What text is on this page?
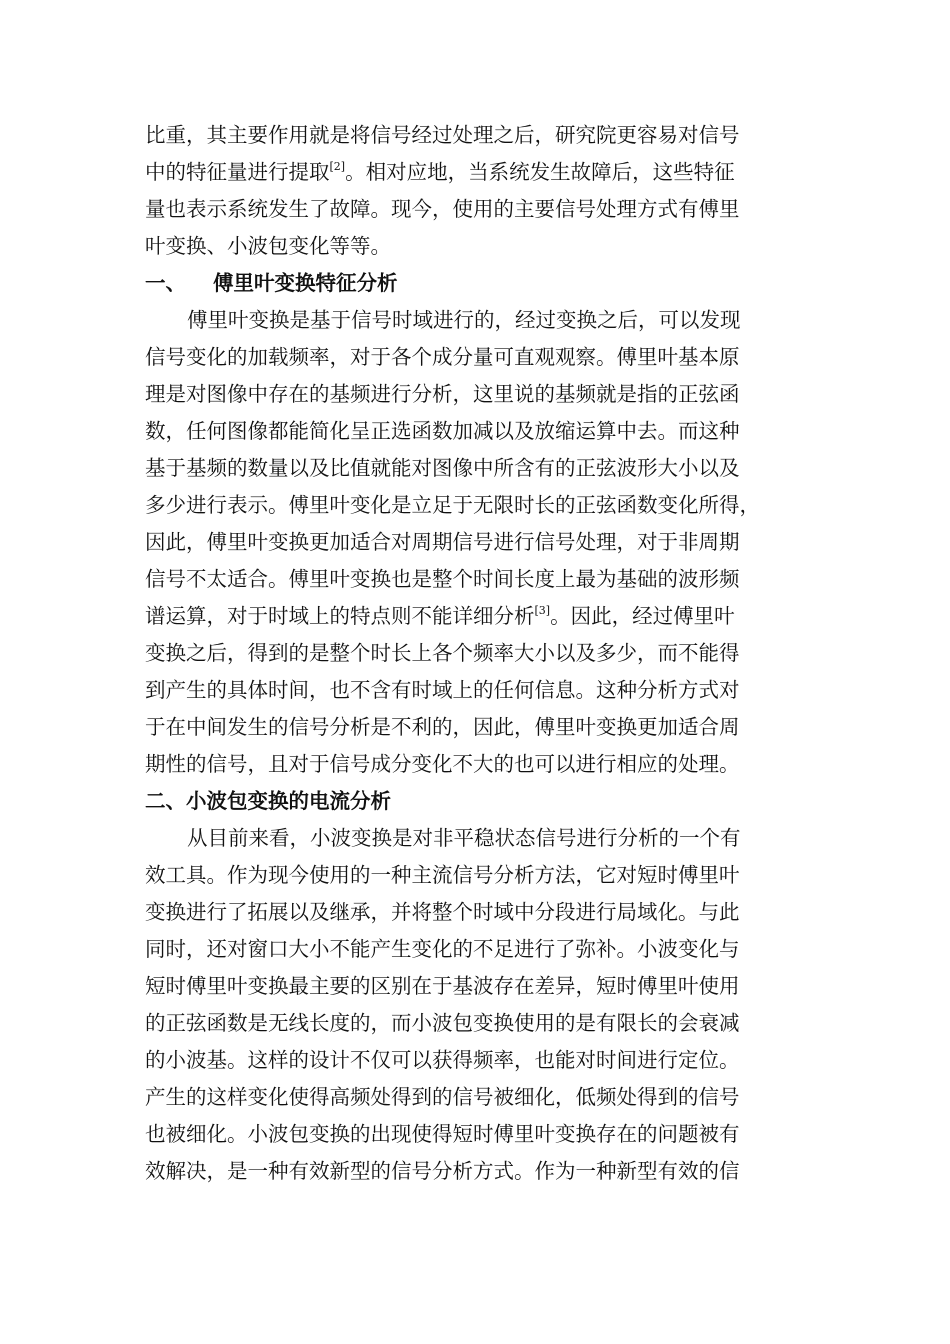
比重，其主要作用就是将信号经过处理之后，研究院更容易对信号
中的特征量进行提取[2]。相对应地，当系统发生故障后，这些特征
量也表示系统发生了故障。现今，使用的主要信号处理方式有傅里
叶变换、小波包变化等等。
一、 傅里叶变换特征分析
傅里叶变换是基于信号时域进行的，经过变换之后，可以发现
信号变化的加载频率，对于各个成分量可直观观察。傅里叶基本原
理是对图像中存在的基频进行分析，这里说的基频就是指的正弦函
数，任何图像都能简化呈正选函数加减以及放缩运算中去。而这种
基于基频的数量以及比值就能对图像中所含有的正弦波形大小以及
多少进行表示。傅里叶变化是立足于无限时长的正弦函数变化所得，
因此，傅里叶变换更加适合对周期信号进行信号处理，对于非周期
信号不太适合。傅里叶变换也是整个时间长度上最为基础的波形频
谱运算，对于时域上的特点则不能详细分析[3]。因此，经过傅里叶
变换之后，得到的是整个时长上各个频率大小以及多少，而不能得
到产生的具体时间，也不含有时域上的任何信息。这种分析方式对
于在中间发生的信号分析是不利的，因此，傅里叶变换更加适合周
期性的信号，且对于信号成分变化不大的也可以进行相应的处理。
二、小波包变换的电流分析
从目前来看，小波变换是对非平稳状态信号进行分析的一个有
效工具。作为现今使用的一种主流信号分析方法，它对短时傅里叶
变换进行了拓展以及继承，并将整个时域中分段进行局域化。与此
同时，还对窗口大小不能产生变化的不足进行了弥补。小波变化与
短时傅里叶变换最主要的区别在于基波存在差异，短时傅里叶使用
的正弦函数是无线长度的，而小波包变换使用的是有限长的会衰减
的小波基。这样的设计不仅可以获得频率，也能对时间进行定位。
产生的这样变化使得高频处得到的信号被细化，低频处得到的信号
也被细化。小波包变换的出现使得短时傅里叶变换存在的问题被有
效解决，是一种有效新型的信号分析方式。作为一种新型有效的信
